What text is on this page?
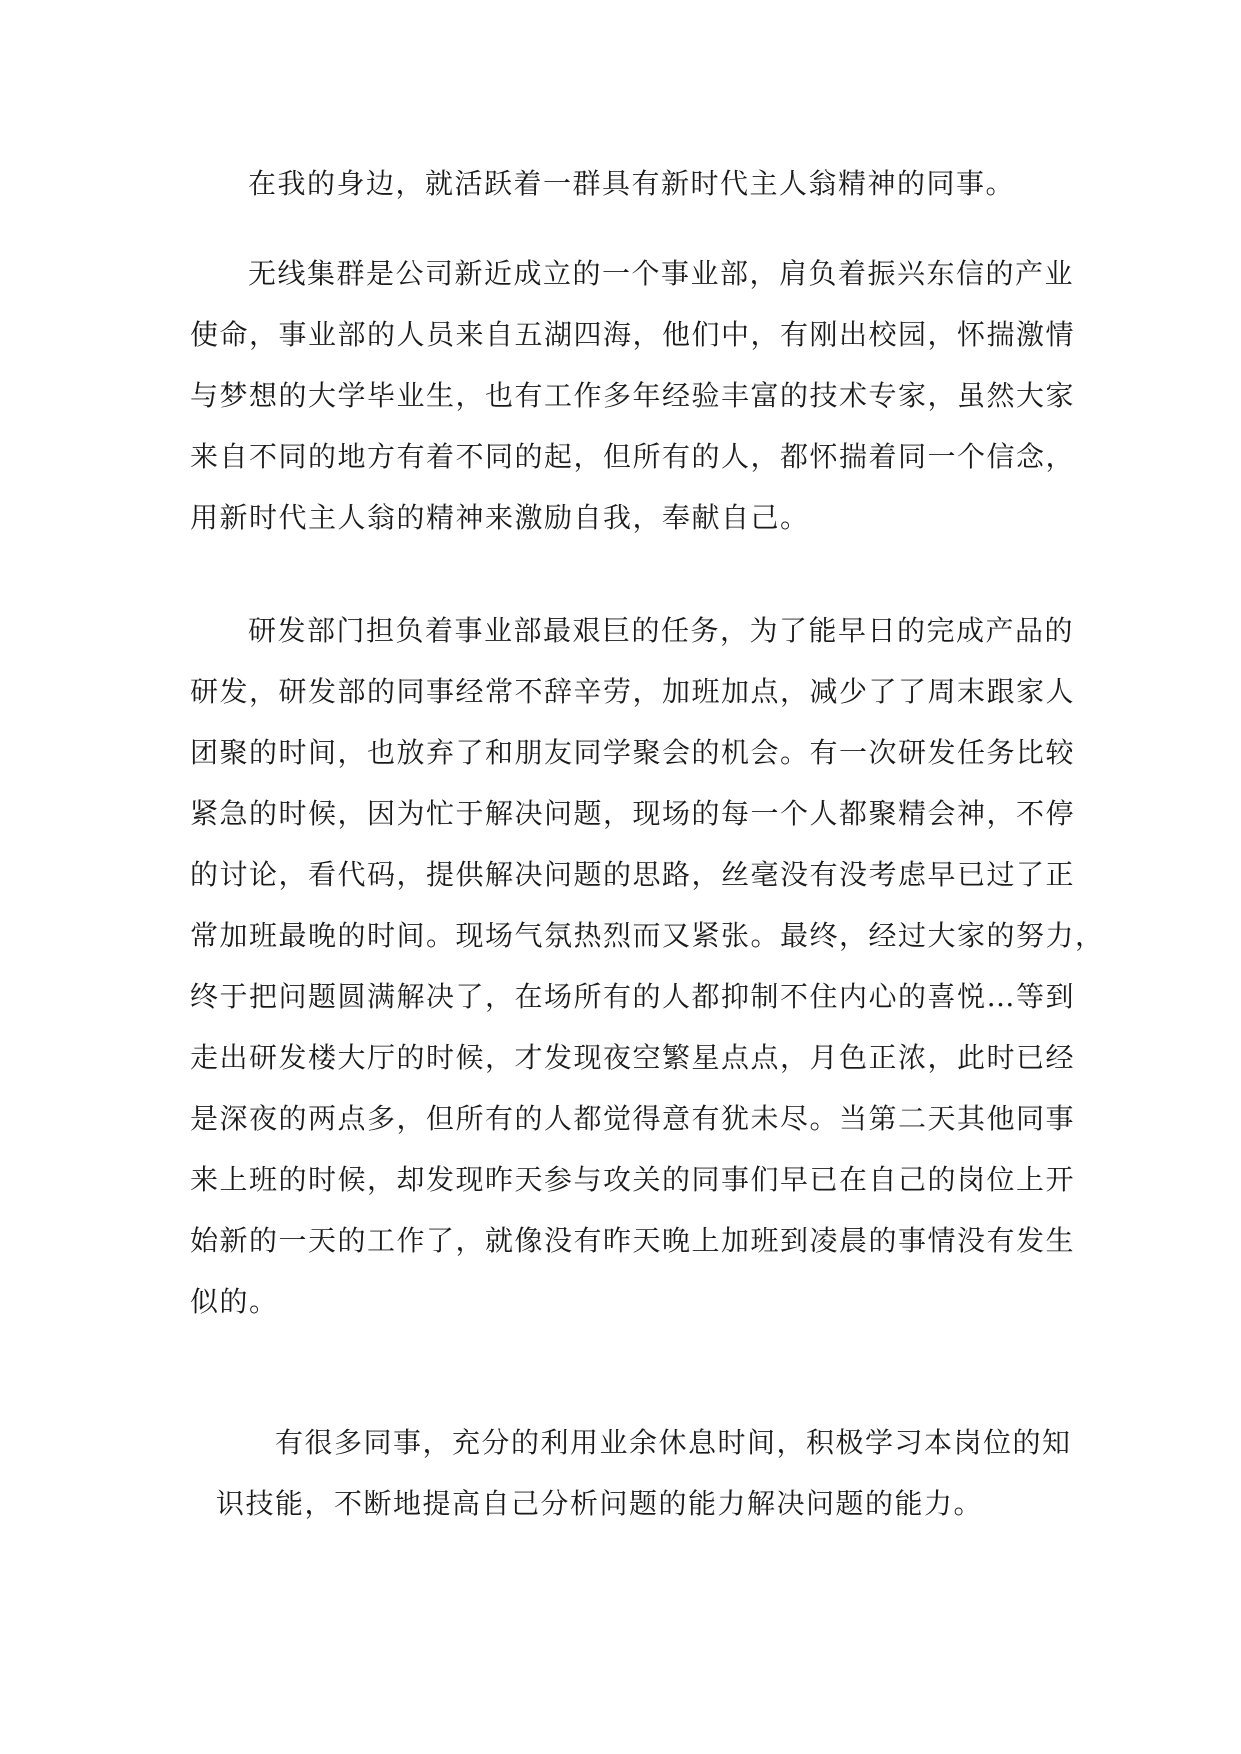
在我的身边，就活跃着一群具有新时代主人翁精神的同事。

无线集群是公司新近成立的一个事业部，肩负着振兴东信的产业
使命，事业部的人员来自五湖四海，他们中，有刚出校园，怀揣激情
与梦想的大学毕业生，也有工作多年经验丰富的技术专家，虽然大家
来自不同的地方有着不同的起，但所有的人，都怀揣着同一个信念，
用新时代主人翁的精神来激励自我，奉献自己。

研发部门担负着事业部最艰巨的任务，为了能早日的完成产品的
研发，研发部的同事经常不辞辛劳，加班加点，减少了了周末跟家人
团聚的时间，也放弃了和朋友同学聚会的机会。有一次研发任务比较
紧急的时候，因为忙于解决问题，现场的每一个人都聚精会神，不停
的讨论，看代码，提供解决问题的思路，丝毫没有没考虑早已过了正
常加班最晚的时间。现场气氛热烈而又紧张。最终，经过大家的努力，
终于把问题圆满解决了，在场所有的人都抑制不住内心的喜悦…等到
走出研发楼大厅的时候，才发现夜空繁星点点，月色正浓，此时已经
是深夜的两点多，但所有的人都觉得意有犹未尽。当第二天其他同事
来上班的时候，却发现昨天参与攻关的同事们早已在自己的岗位上开
始新的一天的工作了，就像没有昨天晚上加班到凌晨的事情没有发生
似的。

有很多同事，充分的利用业余休息时间，积极学习本岗位的知
识技能，不断地提高自己分析问题的能力解决问题的能力。
